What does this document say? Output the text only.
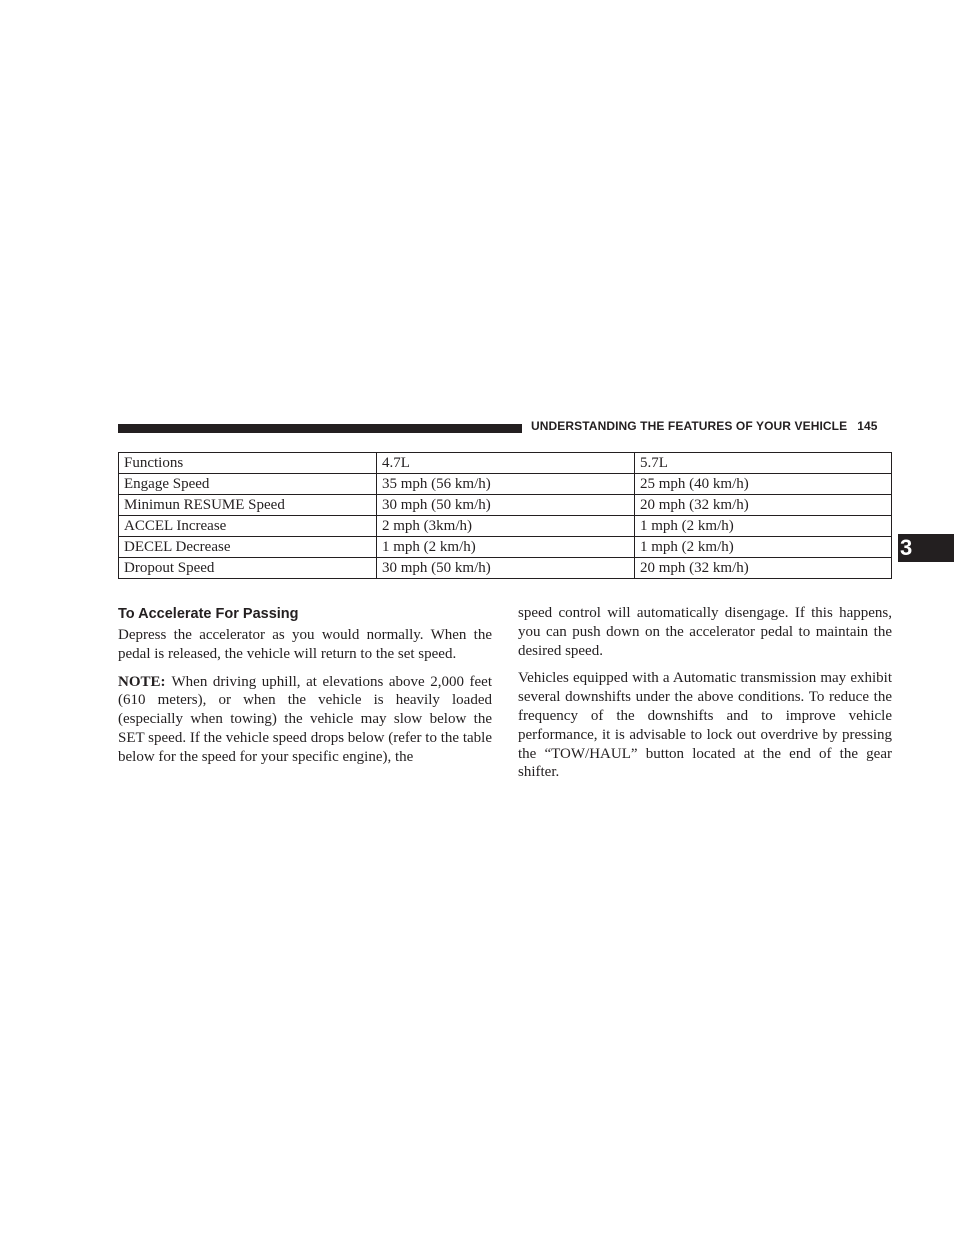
UNDERSTANDING THE FEATURES OF YOUR VEHICLE 145
3
Functions	4.7L	5.7L
Engage Speed	35 mph (56 km/h)	25 mph (40 km/h)
Minimun RESUME Speed	30 mph (50 km/h)	20 mph (32 km/h)
ACCEL Increase	2 mph (3km/h)	1 mph (2 km/h)
DECEL Decrease	1 mph (2 km/h)	1 mph (2 km/h)
Dropout Speed	30 mph (50 km/h)	20 mph (32 km/h)
To Accelerate For Passing

Depress the accelerator as you would normally. When the pedal is released, the vehicle will return to the set speed.

NOTE: When driving uphill, at elevations above 2,000 feet (610 meters), or when the vehicle is heavily loaded (especially when towing) the vehicle may slow below the SET speed. If the vehicle speed drops below (refer to the table below for the speed for your specific engine), the

speed control will automatically disengage. If this happens, you can push down on the accelerator pedal to maintain the desired speed.

Vehicles equipped with a Automatic transmission may exhibit several downshifts under the above conditions. To reduce the frequency of the downshifts and to improve vehicle performance, it is advisable to lock out overdrive by pressing the “TOW/HAUL” button located at the end of the gear shifter.
